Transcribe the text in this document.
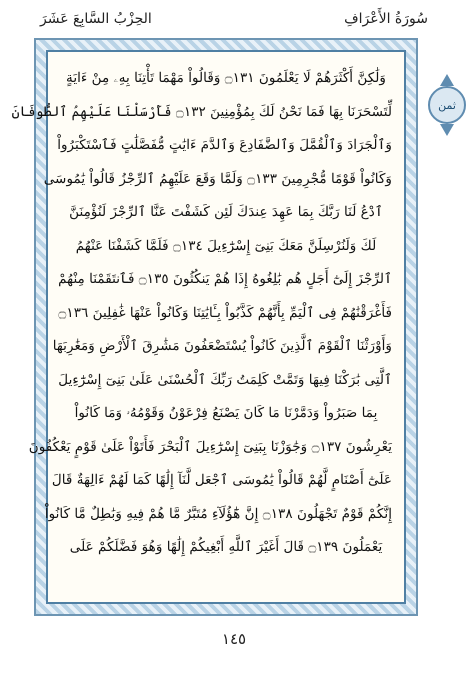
سُورَةُ الأَعْرَافِ
الحِزْبُ السَّابِعَ عَشَرَ
وَلَٰكِنَّ أَكْثَرَهُمْ لَا يَعْلَمُونَ ۝١٣١ وَقَالُواْ مَهْمَا تَأْتِنَا بِهِۦ مِنْ ءَايَةٍ
لِّتَسْحَرَنَا بِهَا فَمَا نَحْنُ لَكَ بِمُؤْمِنِينَ ۝١٣٢ فَأَرْسَلْنَا عَلَيْهِمُ ٱلطُّوفَانَ
وَٱلْجَرَادَ وَٱلْقُمَّلَ وَٱلضَّفَادِعَ وَٱلدَّمَ ءَايَٰتٍ مُّفَصَّلَٰتٍ فَٱسْتَكْبَرُواْ
وَكَانُواْ قَوْمًا مُّجْرِمِينَ ۝١٣٣ وَلَمَّا وَقَعَ عَلَيْهِمُ ٱلرِّجْزُ قَالُواْ يَٰمُوسَى
ٱدْعُ لَنَا رَبَّكَ بِمَا عَهِدَ عِندَكَ لَئِن كَشَفْتَ عَنَّا ٱلرِّجْزَ لَنُؤْمِنَنَّ
لَكَ وَلَنُرْسِلَنَّ مَعَكَ بَنِىٓ إِسْرَٰٓءِيلَ ۝١٣٤ فَلَمَّا كَشَفْنَا عَنْهُمُ
ٱلرِّجْزَ إِلَىٰٓ أَجَلٍ هُم بَٰلِغُوهُ إِذَا هُمْ يَنكُثُونَ ۝١٣٥ فَٱنتَقَمْنَا مِنْهُمْ
فَأَغْرَقْنَٰهُمْ فِى ٱلْيَمِّ بِأَنَّهُمْ كَذَّبُواْ بِـَٔايَٰتِنَا وَكَانُواْ عَنْهَا غَٰفِلِينَ ۝١٣٦
وَأَوْرَثْنَا ٱلْقَوْمَ ٱلَّذِينَ كَانُواْ يُسْتَضْعَفُونَ مَشَٰرِقَ ٱلْأَرْضِ وَمَغَٰرِبَهَا
ٱلَّتِى بَٰرَكْنَا فِيهَا وَتَمَّتْ كَلِمَتُ رَبِّكَ ٱلْحُسْنَىٰ عَلَىٰ بَنِىٓ إِسْرَٰٓءِيلَ
بِمَا صَبَرُواْ وَدَمَّرْنَا مَا كَانَ يَصْنَعُ فِرْعَوْنُ وَقَوْمُهُۥ وَمَا كَانُواْ
يَعْرِشُونَ ۝١٣٧ وَجَٰوَزْنَا بِبَنِىٓ إِسْرَٰٓءِيلَ ٱلْبَحْرَ فَأَتَوْاْ عَلَىٰ قَوْمٍ يَعْكُفُونَ
عَلَىٰٓ أَصْنَامٍ لَّهُمْ قَالُواْ يَٰمُوسَى ٱجْعَل لَّنَآ إِلَٰهًا كَمَا لَهُمْ ءَالِهَةٌ قَالَ
إِنَّكُمْ قَوْمٌ تَجْهَلُونَ ۝١٣٨ إِنَّ هَٰٓؤُلَآءِ مُتَبَّرٌ مَّا هُمْ فِيهِ وَبَٰطِلٌ مَّا كَانُواْ
يَعْمَلُونَ ۝١٣٩ قَالَ أَغَيْرَ ٱللَّهِ أَبْغِيكُمْ إِلَٰهًا وَهُوَ فَضَّلَكُمْ عَلَى
ثمن
١٤٥
